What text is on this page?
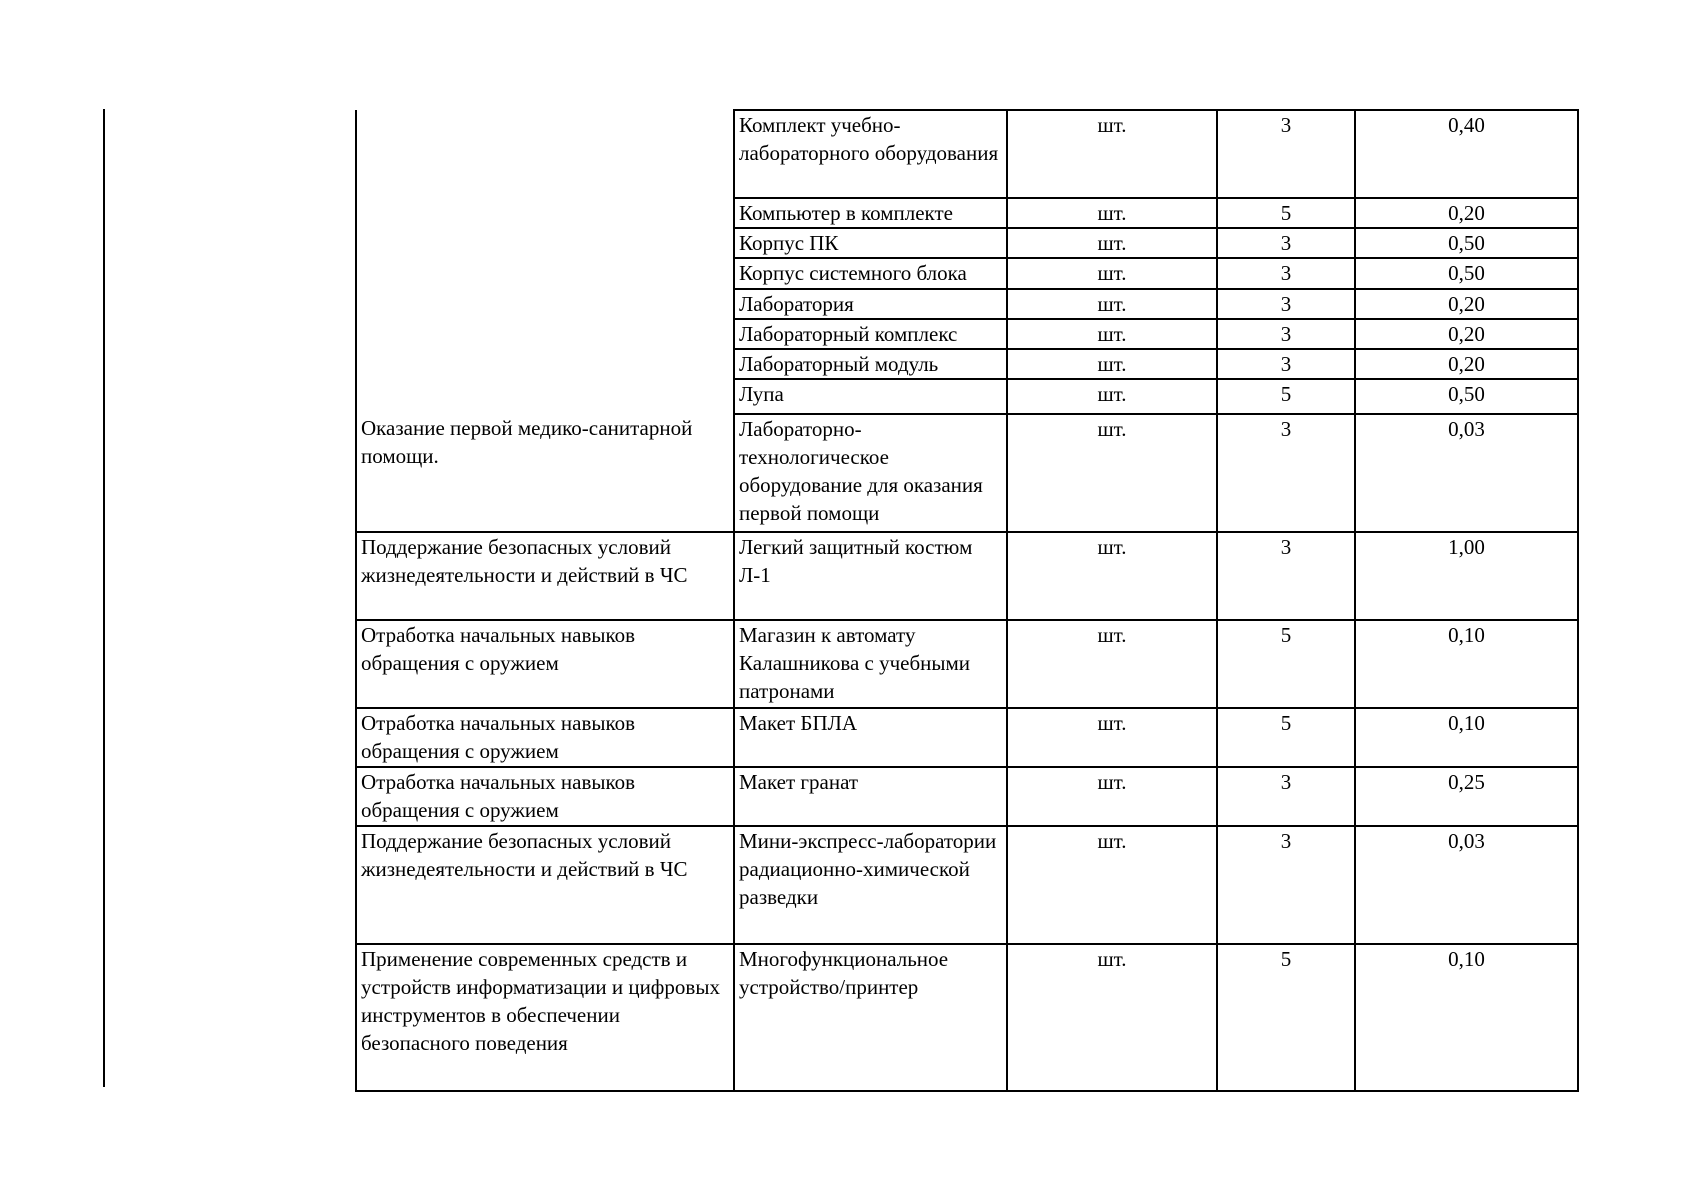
	Комплект учебно-лабораторного оборудования	шт.	3	0,40
	Компьютер в комплекте	шт.	5	0,20
	Корпус ПК	шт.	3	0,50
	Корпус системного блока	шт.	3	0,50
	Лаборатория	шт.	3	0,20
	Лабораторный комплекс	шт.	3	0,20
	Лабораторный модуль	шт.	3	0,20
	Лупа	шт.	5	0,50
Оказание первой медико-санитарной помощи.	Лабораторно-технологическое оборудование для оказания первой помощи	шт.	3	0,03
Поддержание безопасных условий жизнедеятельности и действий в ЧС	Легкий защитный костюм Л-1	шт.	3	1,00
Отработка начальных навыков обращения с оружием	Магазин к автомату Калашникова с учебными патронами	шт.	5	0,10
Отработка начальных навыков обращения с оружием	Макет БПЛА	шт.	5	0,10
Отработка начальных навыков обращения с оружием	Макет гранат	шт.	3	0,25
Поддержание безопасных условий жизнедеятельности и действий в ЧС	Мини-экспресс-лаборатории радиационно-химической разведки	шт.	3	0,03
Применение современных средств и устройств информатизации и цифровых инструментов в обеспечении безопасного поведения	Многофункциональное устройство/принтер	шт.	5	0,10
